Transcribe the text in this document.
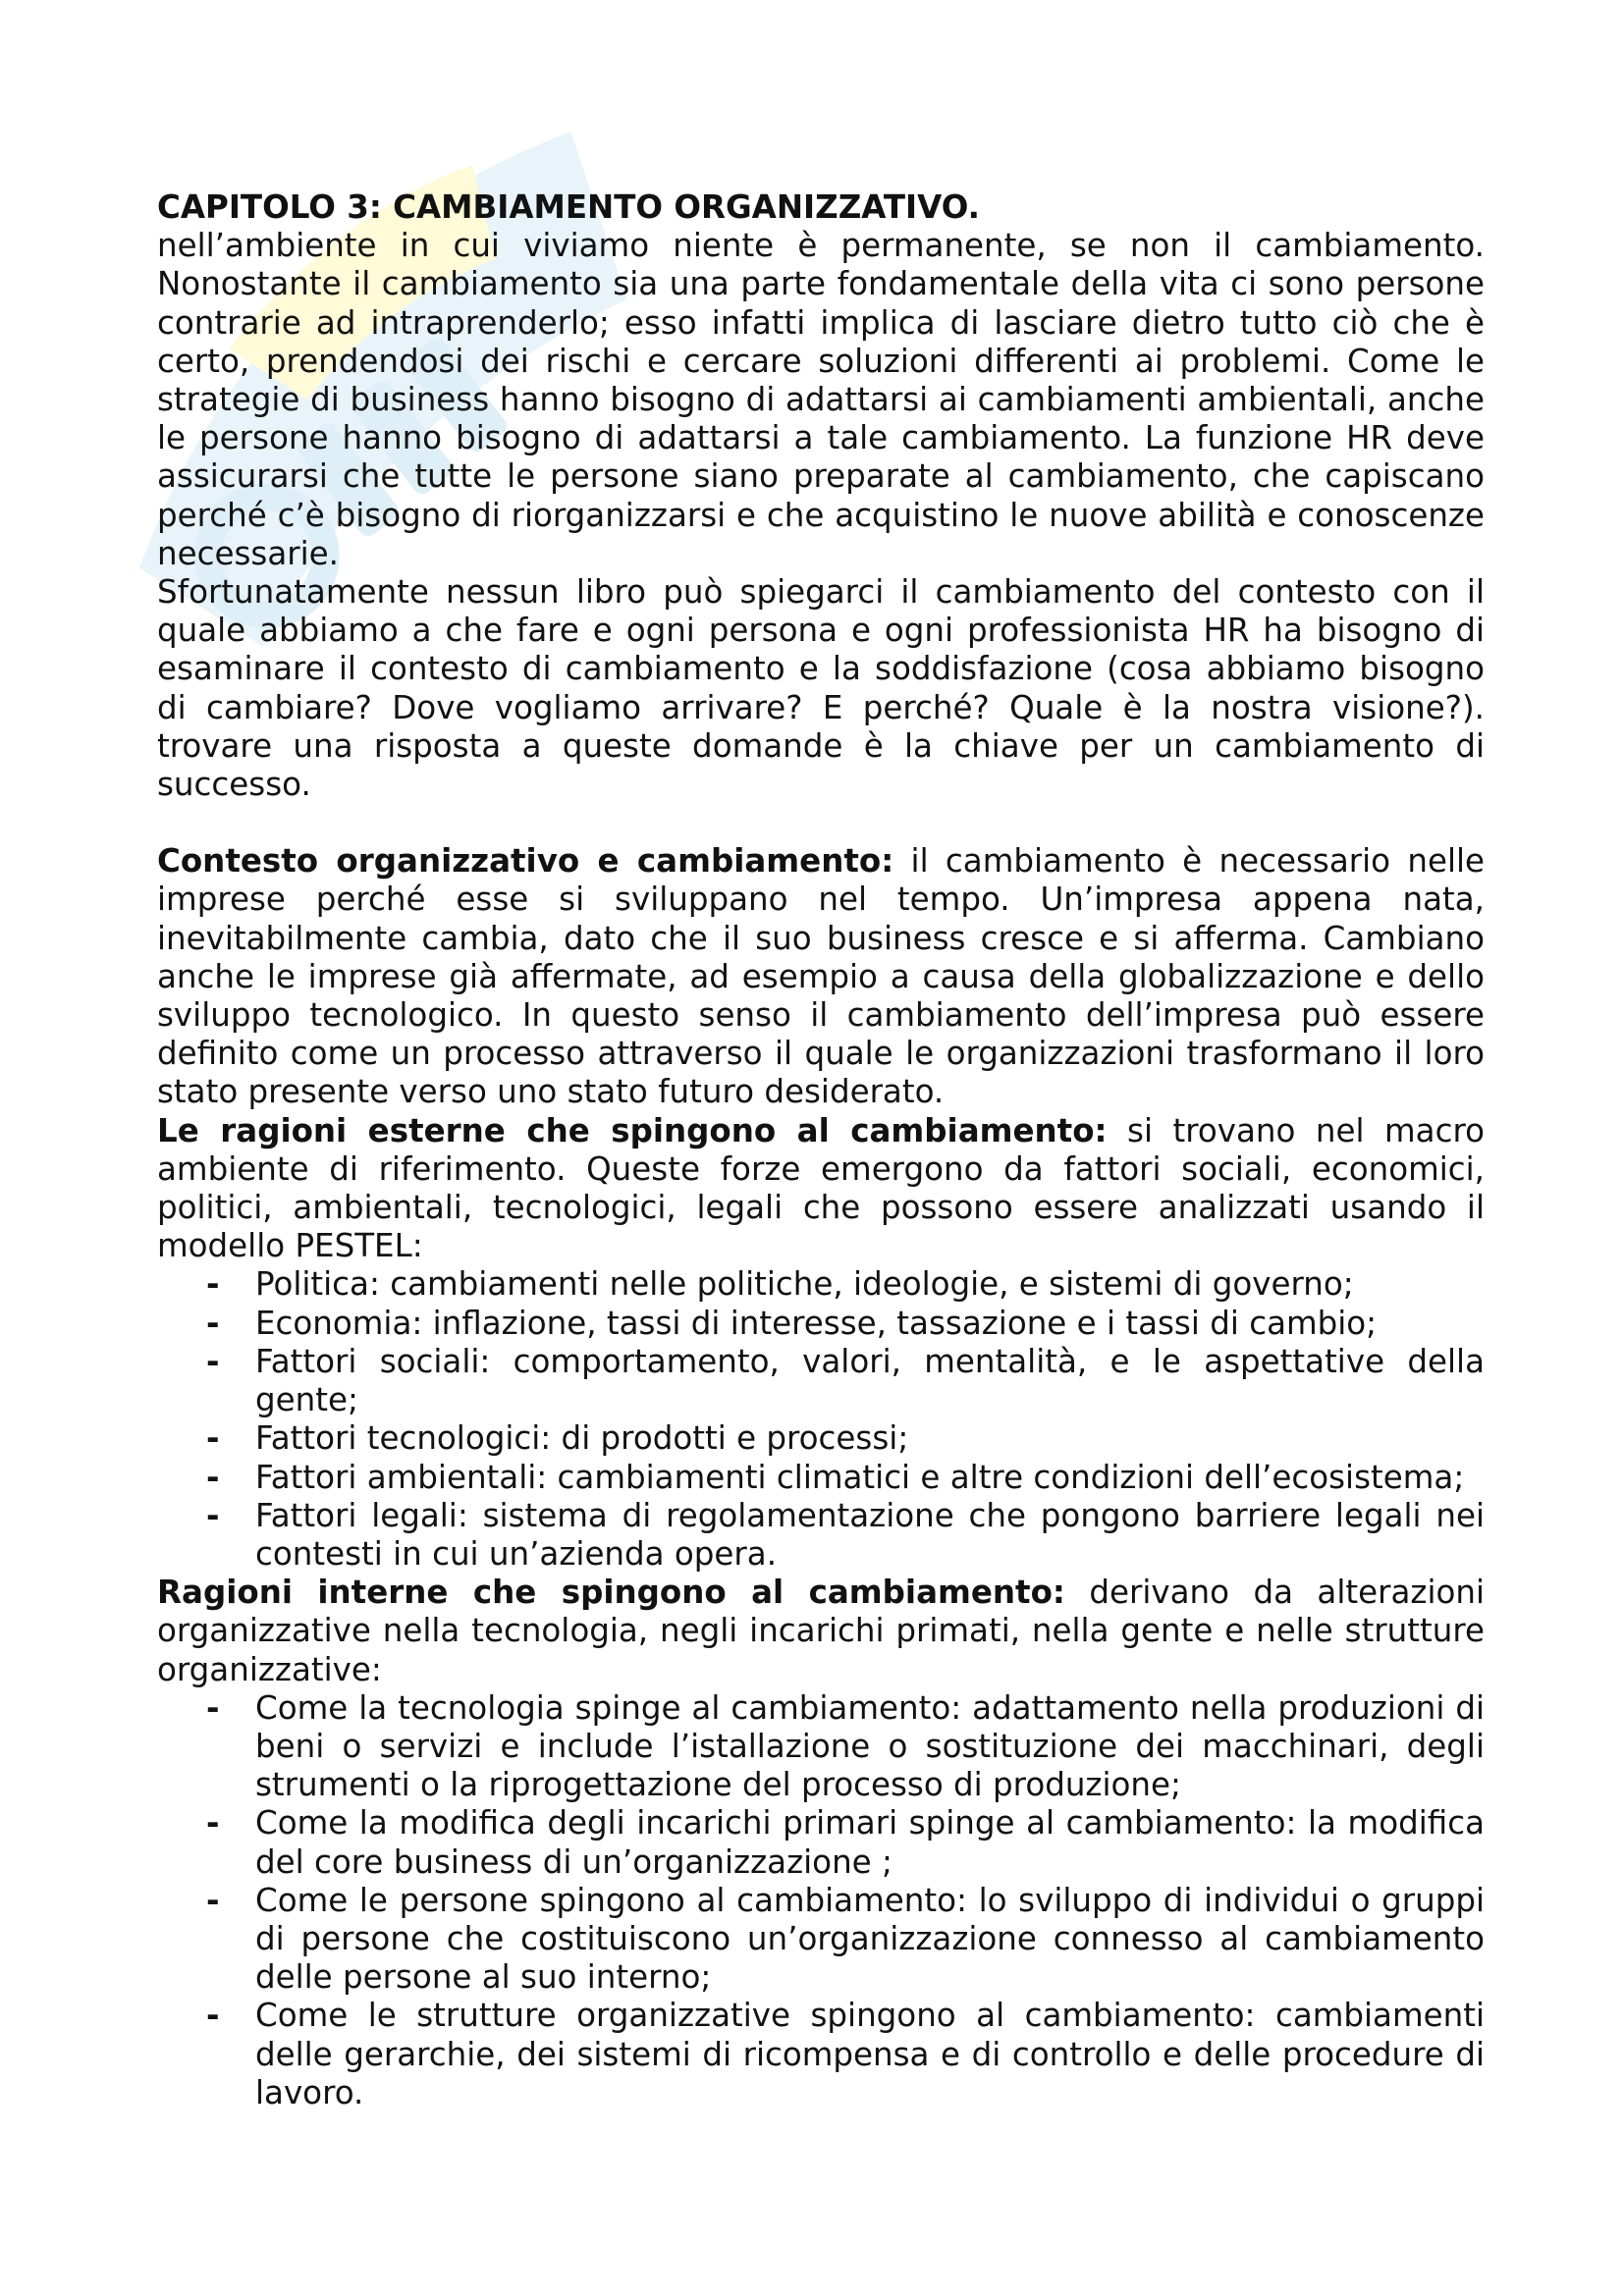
CAPITOLO 3: CAMBIAMENTO ORGANIZZATIVO.

nell’ambiente in cui viviamo niente è permanente, se non il cambiamento. Nonostante il cambiamento sia una parte fondamentale della vita ci sono persone contrarie ad intraprenderlo; esso infatti implica di lasciare dietro tutto ciò che è certo, prendendosi dei rischi e cercare soluzioni differenti ai problemi. Come le strategie di business hanno bisogno di adattarsi ai cambiamenti ambientali, anche le persone hanno bisogno di adattarsi a tale cambiamento. La funzione HR deve assicurarsi che tutte le persone siano preparate al cambiamento, che capiscano perché c’è bisogno di riorganizzarsi e che acquistino le nuove abilità e conoscenze necessarie.

Sfortunatamente nessun libro può spiegarci il cambiamento del contesto con il quale abbiamo a che fare e ogni persona e ogni professionista HR ha bisogno di esaminare il contesto di cambiamento e la soddisfazione (cosa abbiamo bisogno di cambiare? Dove vogliamo arrivare? E perché? Quale è la nostra visione?). trovare una risposta a queste domande è la chiave per un cambiamento di successo.

Contesto organizzativo e cambiamento: il cambiamento è necessario nelle imprese perché esse si sviluppano nel tempo. Un’impresa appena nata, inevitabilmente cambia, dato che il suo business cresce e si afferma. Cambiano anche le imprese già affermate, ad esempio a causa della globalizzazione e dello sviluppo tecnologico. In questo senso il cambiamento dell’impresa può essere definito come un processo attraverso il quale le organizzazioni trasformano il loro stato presente verso uno stato futuro desiderato.

Le ragioni esterne che spingono al cambiamento: si trovano nel macro ambiente di riferimento. Queste forze emergono da fattori sociali, economici, politici, ambientali, tecnologici, legali che possono essere analizzati usando il modello PESTEL:

- Politica: cambiamenti nelle politiche, ideologie, e sistemi di governo;
- Economia: inflazione, tassi di interesse, tassazione e i tassi di cambio;
- Fattori sociali: comportamento, valori, mentalità, e le aspettative della gente;
- Fattori tecnologici: di prodotti e processi;
- Fattori ambientali: cambiamenti climatici e altre condizioni dell’ecosistema;
- Fattori legali: sistema di regolamentazione che pongono barriere legali nei contesti in cui un’azienda opera.

Ragioni interne che spingono al cambiamento: derivano da alterazioni organizzative nella tecnologia, negli incarichi primati, nella gente e nelle strutture organizzative:

- Come la tecnologia spinge al cambiamento: adattamento nella produzioni di beni o servizi e include l’istallazione o sostituzione dei macchinari, degli strumenti o la riprogettazione del processo di produzione;
- Come la modifica degli incarichi primari spinge al cambiamento: la modifica del core business di un’organizzazione ;
- Come le persone spingono al cambiamento: lo sviluppo di individui o gruppi di persone che costituiscono un’organizzazione connesso al cambiamento delle persone al suo interno;
- Come le strutture organizzative spingono al cambiamento: cambiamenti delle gerarchie, dei sistemi di ricompensa e di controllo e delle procedure di lavoro.
